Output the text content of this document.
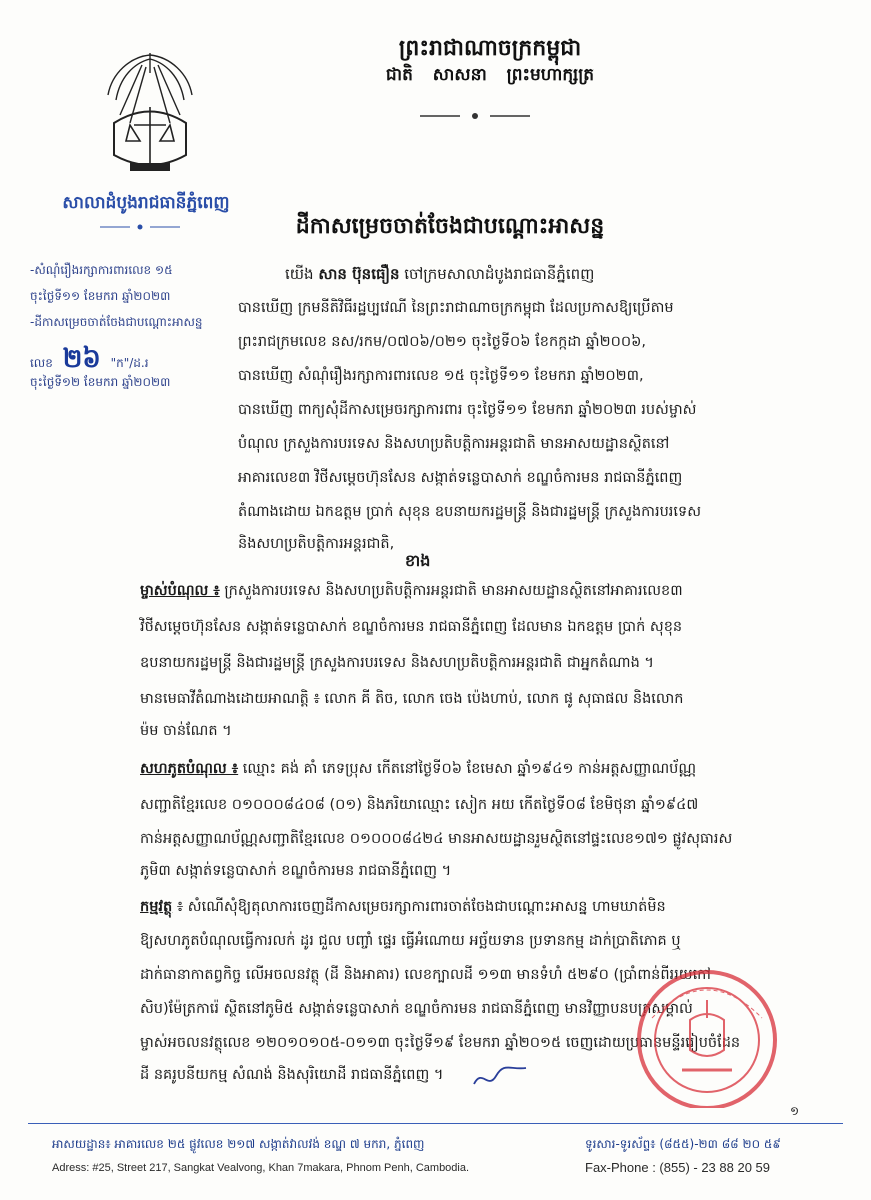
ព្រះរាជាណាចក្រកម្ពុជា
ជាតិ សាសនា ព្រះមហាក្សត្រ
សាលាដំបូងរាជធានីភ្នំពេញ
ដីកាសម្រេចចាត់ចែងជាបណ្តោះអាសន្ន
-សំណុំរឿងរក្សាការពារលេខ ១៥
ចុះថ្ងៃទី១១ ខែមករា ឆ្នាំ២០២៣
-ដីកាសម្រេចចាត់ចែងជាបណ្តោះអាសន្ន
លេខ ២៦ "ក"/ដ.រ
ចុះថ្ងៃទី១២ ខែមករា ឆ្នាំ២០២៣
យើង សាន ប៊ុនធឿន ចៅក្រមសាលាដំបូងរាជធានីភ្នំពេញ
បានឃើញ ក្រមនីតិវិធីរដ្ឋប្បវេណី នៃព្រះរាជាណាចក្រកម្ពុជា ដែលប្រកាសឱ្យប្រើតាម
ព្រះរាជក្រមលេខ នស/រកម/០៧០៦/០២១ ចុះថ្ងៃទី០៦ ខែកក្កដា ឆ្នាំ២០០៦,
បានឃើញ សំណុំរឿងរក្សាការពារលេខ ១៥ ចុះថ្ងៃទី១១ ខែមករា ឆ្នាំ២០២៣,
បានឃើញ ពាក្យសុំដីកាសម្រេចរក្សាការពារ ចុះថ្ងៃទី១១ ខែមករា ឆ្នាំ២០២៣ របស់ម្ចាស់
បំណុល ក្រសួងការបរទេស និងសហប្រតិបត្តិការអន្តរជាតិ មានអាសយដ្ឋានស្ថិតនៅ
អាគារលេខ៣ វិថីសម្តេចហ៊ុនសែន សង្កាត់ទន្លេបាសាក់ ខណ្ឌចំការមន រាជធានីភ្នំពេញ
តំណាងដោយ ឯកឧត្តម ប្រាក់ សុខុន ឧបនាយករដ្ឋមន្ត្រី និងជារដ្ឋមន្ត្រី ក្រសួងការបរទេស
និងសហប្រតិបត្តិការអន្តរជាតិ,
ខាង
ម្ចាស់បំណុល ៖ ក្រសួងការបរទេស និងសហប្រតិបត្តិការអន្តរជាតិ មានអាសយដ្ឋានស្ថិតនៅអាគារលេខ៣
វិថីសម្តេចហ៊ុនសែន សង្កាត់ទន្លេបាសាក់ ខណ្ឌចំការមន រាជធានីភ្នំពេញ ដែលមាន ឯកឧត្តម ប្រាក់ សុខុន
ឧបនាយករដ្ឋមន្ត្រី និងជារដ្ឋមន្ត្រី ក្រសួងការបរទេស និងសហប្រតិបត្តិការអន្តរជាតិ ជាអ្នកតំណាង ។
មានមេធាវីតំណាងដោយអាណត្តិ ៖ លោក គី តិច, លោក ចេង ប៉េងហាប់, លោក ផូ សុធាផល និងលោក
ម៉ម ចាន់ណែត ។
សហភូតបំណុល ៖ ឈ្មោះ គង់ គាំ ភេទប្រុស កើតនៅថ្ងៃទី០៦ ខែមេសា ឆ្នាំ១៩៤១ កាន់អត្តសញ្ញាណប័ណ្ណ
សញ្ជាតិខ្មែរលេខ ០១០០០៨៤០៨ (០១) និងភរិយាឈ្មោះ សៀក អយ កើតថ្ងៃទី០៨ ខែមិថុនា ឆ្នាំ១៩៤៧
កាន់អត្តសញ្ញាណប័ណ្ណសញ្ជាតិខ្មែរលេខ ០១០០០៨៤២៤ មានអាសយដ្ឋានរួមស្ថិតនៅផ្ទះលេខ១៧១ ផ្លូវសុធារស
ភូមិ៣ សង្កាត់ទន្លេបាសាក់ ខណ្ឌចំការមន រាជធានីភ្នំពេញ ។
កម្មវត្ថុ ៖ សំណើសុំឱ្យតុលាការចេញដីកាសម្រេចរក្សាការពារចាត់ចែងជាបណ្តោះអាសន្ន ហាមឃាត់មិន
ឱ្យសហភូតបំណុលធ្វើការលក់ ដូរ ជួល បញ្ចាំ ផ្ទេរ ធ្វើអំណោយ អច្ឆ័យទាន ប្រទានកម្ម ដាក់ប្រាតិភោគ ឬ
ដាក់ធានាកាតព្វកិច្ច លើអចលនវត្ថុ (ដី និងអាគារ) លេខក្បាលដី ១១៣ មានទំហំ ៥២៩០ (ប្រាំពាន់ពីររយកៅ
សិប)ម៉ែត្រការ៉េ ស្ថិតនៅភូមិ៥ សង្កាត់ទន្លេបាសាក់ ខណ្ឌចំការមន រាជធានីភ្នំពេញ មានវិញ្ញាបនបត្រសម្គាល់
ម្ចាស់អចលនវត្ថុលេខ ១២០១០១០៥-០១១៣ ចុះថ្ងៃទី១៩ ខែមករា ឆ្នាំ២០១៥ ចេញដោយប្រធានមន្ទីររៀបចំដែន
ដី នគរូបនីយកម្ម សំណង់ និងសុរិយោដី រាជធានីភ្នំពេញ ។
១
អាសយដ្ឋាន៖ អាគារលេខ ២៥ ផ្លូវលេខ ២១៧ សង្កាត់វាលវង់ ខណ្ឌ ៧ មករា, ភ្នំពេញ	ទូរសារ-ទូរស័ព្ទ៖ (៨៥៥)-២៣ ៨៨ ២០ ៥៩
Adress: #25, Street 217, Sangkat Vealvong, Khan 7makara, Phnom Penh, Cambodia.	Fax-Phone : (855) - 23 88 20 59
